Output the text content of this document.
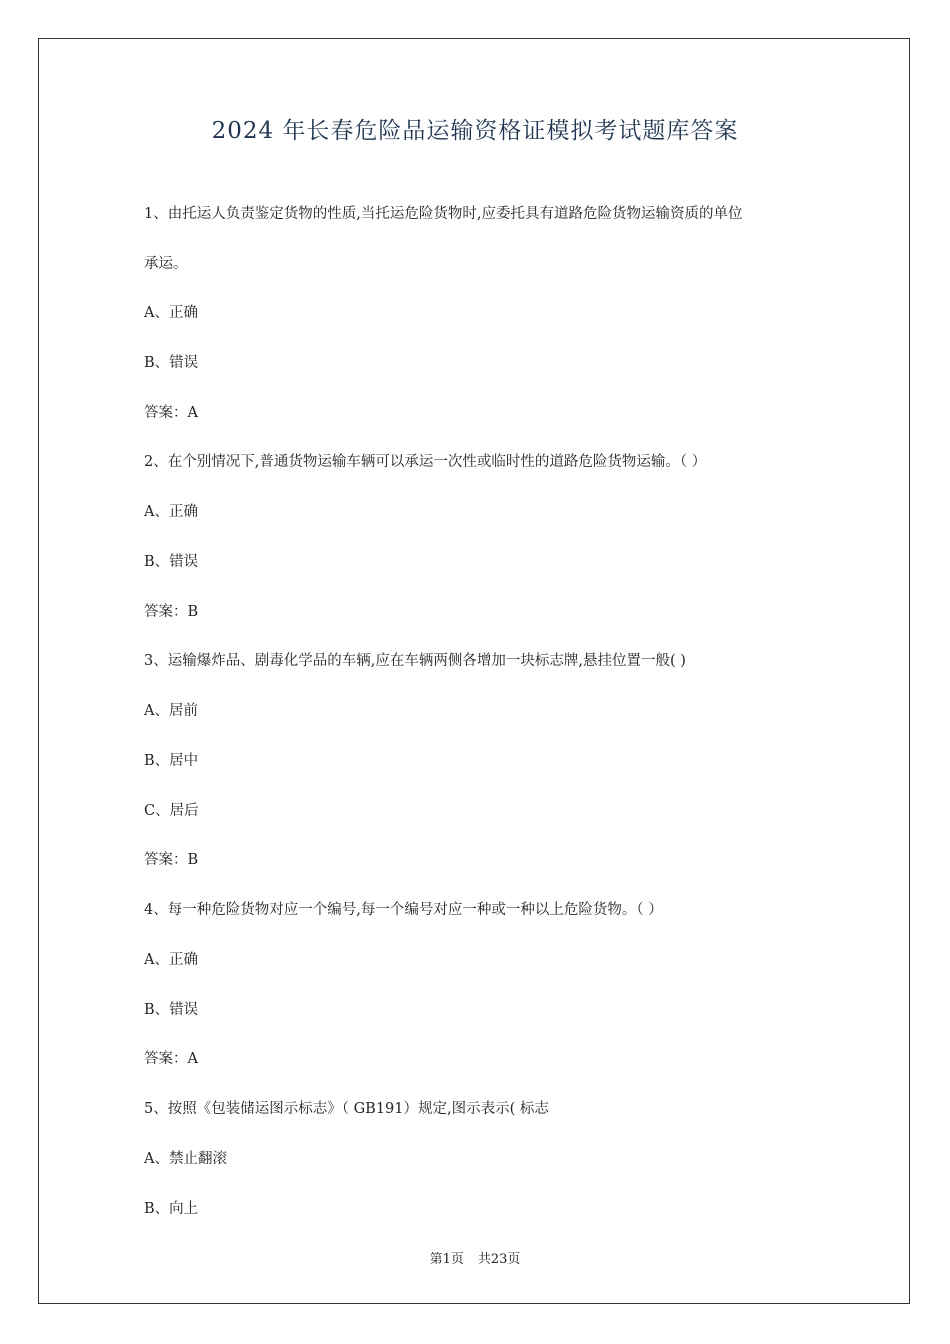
2024 年长春危险品运输资格证模拟考试题库答案
1、由托运人负责鉴定货物的性质,当托运危险货物时,应委托具有道路危险货物运输资质的单位
承运。
A、正确
B、错误
答案：A
2、在个别情况下,普通货物运输车辆可以承运一次性或临时性的道路危险货物运输。（ ）
A、正确
B、错误
答案：B
3、运输爆炸品、剧毒化学品的车辆,应在车辆两侧各增加一块标志牌,悬挂位置一般( )
A、居前
B、居中
C、居后
答案：B
4、每一种危险货物对应一个编号,每一个编号对应一种或一种以上危险货物。（ ）
A、正确
B、错误
答案：A
5、按照《包装储运图示标志》（ GB191）规定,图示表示( 标志
A、禁止翻滚
B、向上
第1页 共23页
